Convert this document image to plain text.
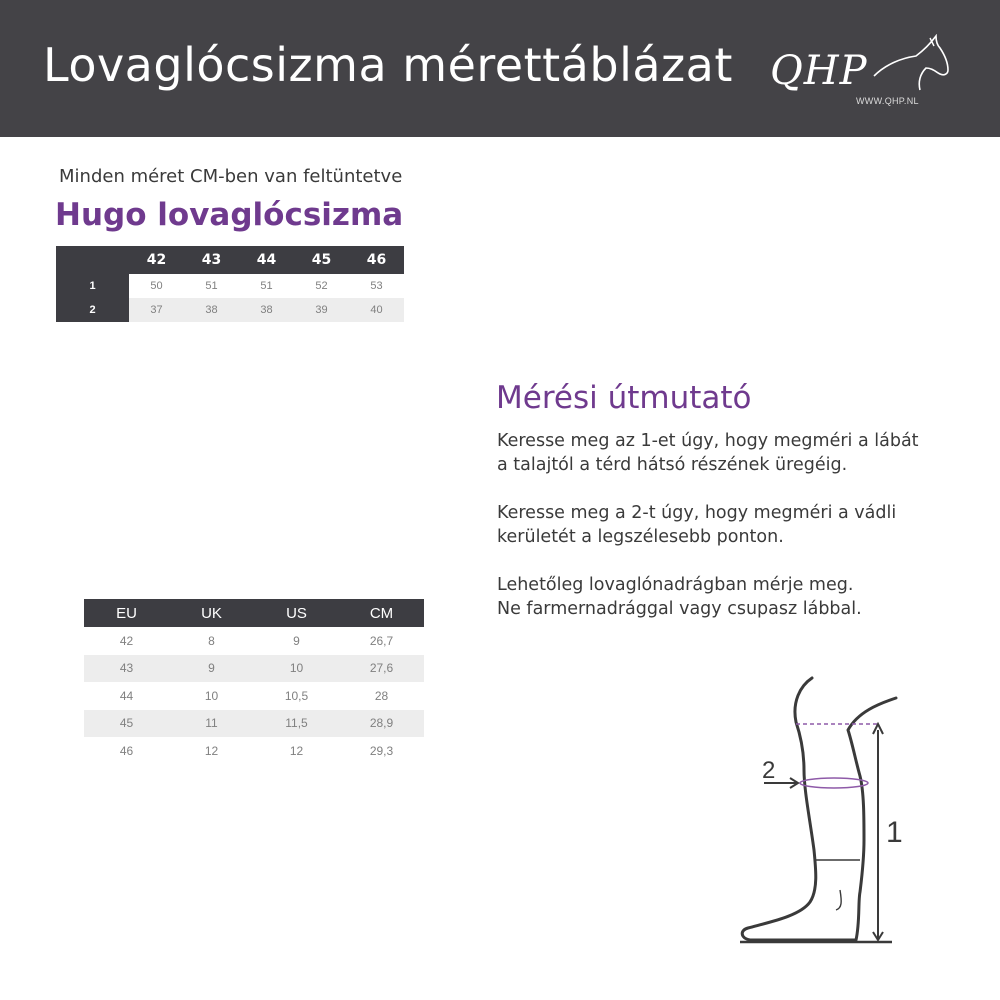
Lovaglócsizma mérettáblázat QHP
WWW.QHP.NL
Minden méret CM-ben van feltüntetve
Hugo lovaglócsizma
	42	43	44	45	46
1	50	51	51	52	53
2	37	38	38	39	40
EU	UK	US	CM
42	8	9	26,7
43	9	10	27,6
44	10	10,5	28
45	11	11,5	28,9
46	12	12	29,3
Mérési útmutató
Keresse meg az 1-et úgy, hogy megméri a lábát
a talajtól a térd hátsó részének üregéig.
Keresse meg a 2-t úgy, hogy megméri a vádli
kerületét a legszélesebb ponton.
Lehetőleg lovaglónadrágban mérje meg.
Ne farmernadrággal vagy csupasz lábbal.
2
1
